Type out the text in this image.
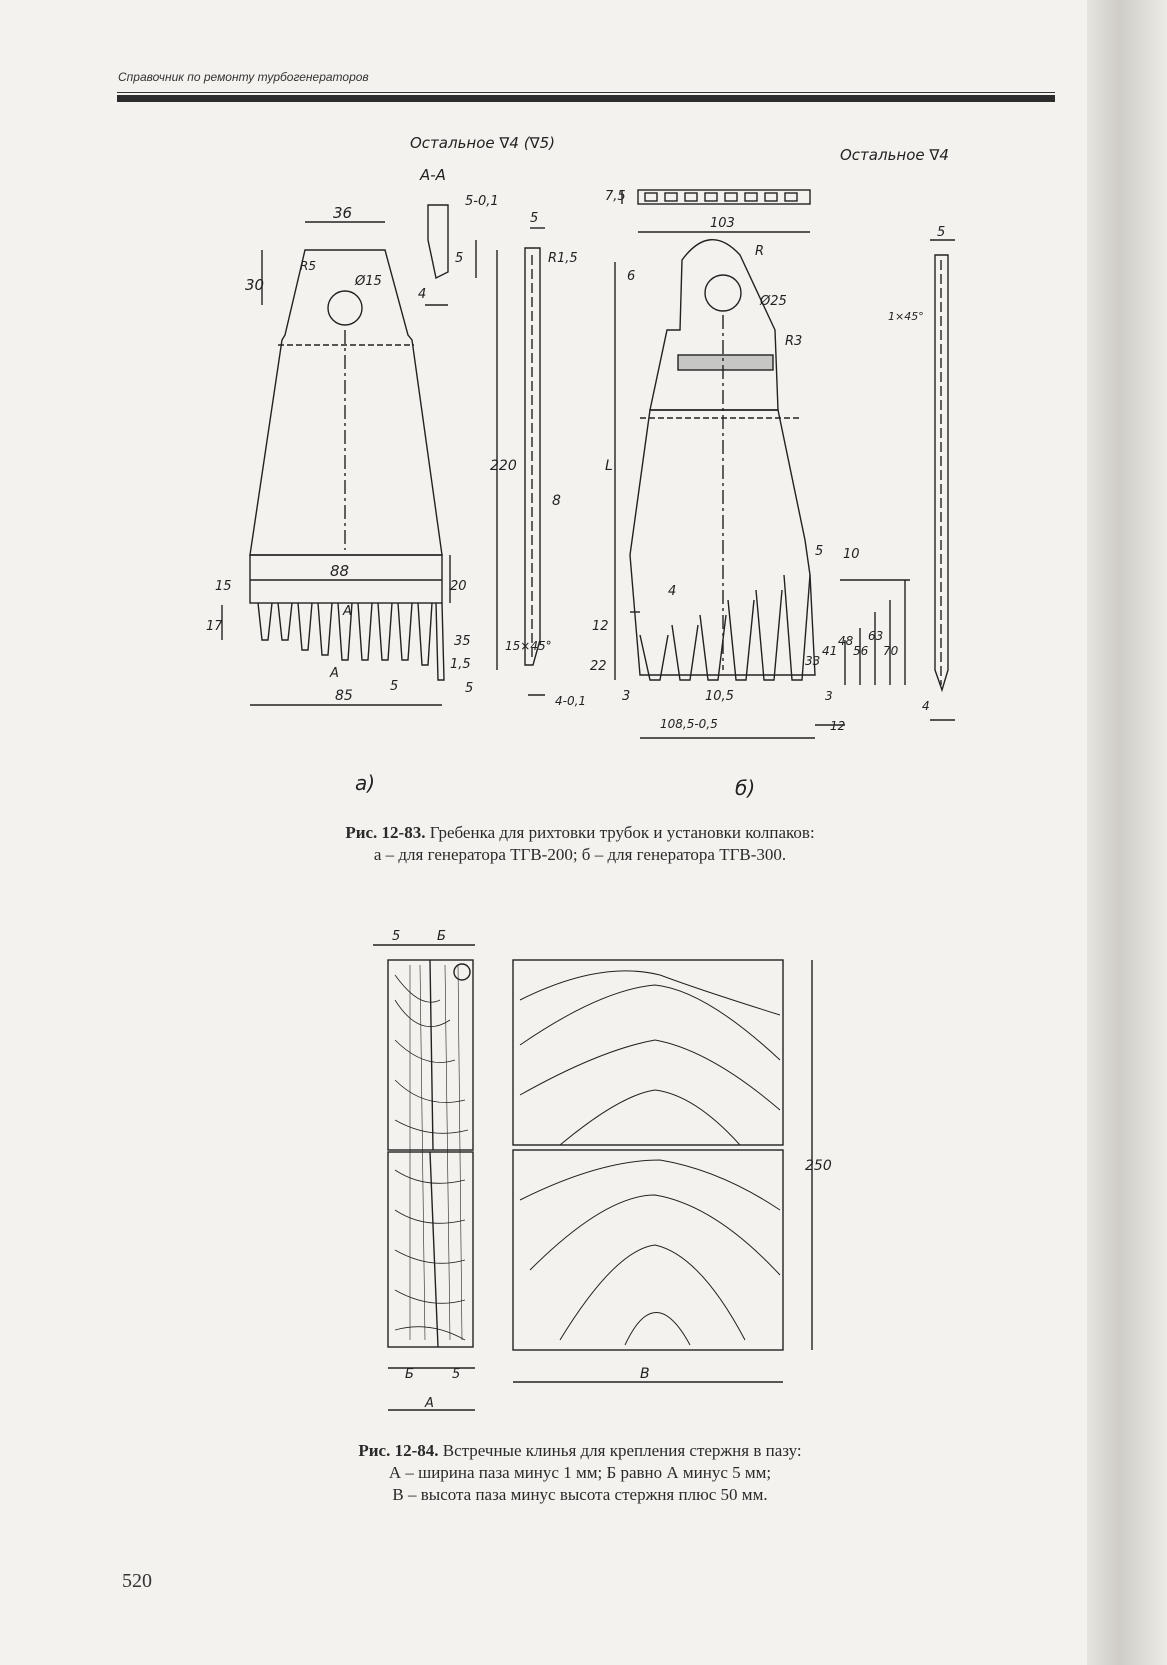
Справочник по ремонту турбогенераторов
Остальное ∇4 (∇5)
Остальное ∇4
А-А
а)	б)
36
30
R5
Ø15
5-0,1
5
4
5
R1,5
220
8
15×45°
88
15	20
17
35
1,5
85
5	5
4-0,1
А
А
7,5
103
6
R
Ø25
R3
L
5
1×45°
5 10
4
12
22	33
41
48
56
63
70
3	10,5	3
108,5-0,5	12
4
5	Б
Б	5
А
В
250
Рис. 12-83. Гребенка для рихтовки трубок и установки колпаков:
а – для генератора ТГВ-200; б – для генератора ТГВ-300.
Рис. 12-84. Встречные клинья для крепления стержня в пазу:
А – ширина паза минус 1 мм; Б равно А минус 5 мм;
В – высота паза минус высота стержня плюс 50 мм.
520
